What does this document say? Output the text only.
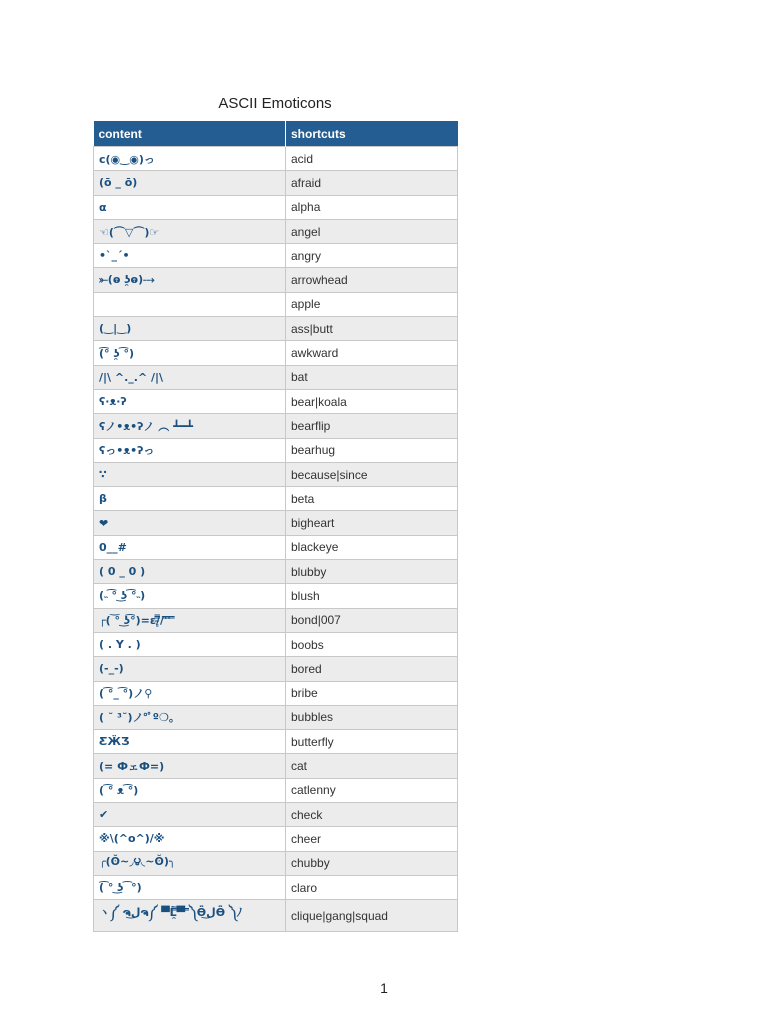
ASCII Emoticons
content	shortcuts
c(◉‿◉)っ	acid
(ō _ ō)	afraid
α	alpha
☜(⌒▽⌒)☞	angel
•`_´•	angry
⤜(ⱺ ʖ̯ⱺ)⤏	arrowhead
	apple
(‿|‿)	ass|butt
(͡° ʖ̯ ͡°)	awkward
/|\ ^._.^ /|\	bat
ʕ·ᴥ·ʔ	bear|koala
ʕノ•ᴥ•ʔノ ︵ ┻━┻	bearflip
ʕっ•ᴥ•ʔっ	bearhug
∵	because|since
β	beta
❤	bigheart
0__#	blackeye
( 0 _ 0 )	blubby
(˵ ͡° ͜ʖ ͡°˵)	blush
┌( ͝° ͜ʖ͡°)=ε/̵͇̿̿/'̿'̿ ̿	bond|007
( . Y . )	boobs
(-_-)	bored
( ͡°_ ͡°)ノ⚲	bribe
( ˘ ³˘)ノ°ﾟº❍｡	bubbles
ƸӜƷ	butterfly
(= ФェФ=)	cat
( ͡° ᴥ ͡°)	catlenny
✔	check
※\(^o^)/※	cheer
╭(ʘ̆~◞౪◟~ʘ̆)╮	chubby
(͡ ° ͜ʖ ͡ °)	claro
ヽ༼ ຈل͜ຈ༼ ▀̿̿Ĺ̯̿̿▀̿ ̿༽Ɵ͆ل͜Ɵ͆ ༽ﾉ	clique|gang|squad
1
